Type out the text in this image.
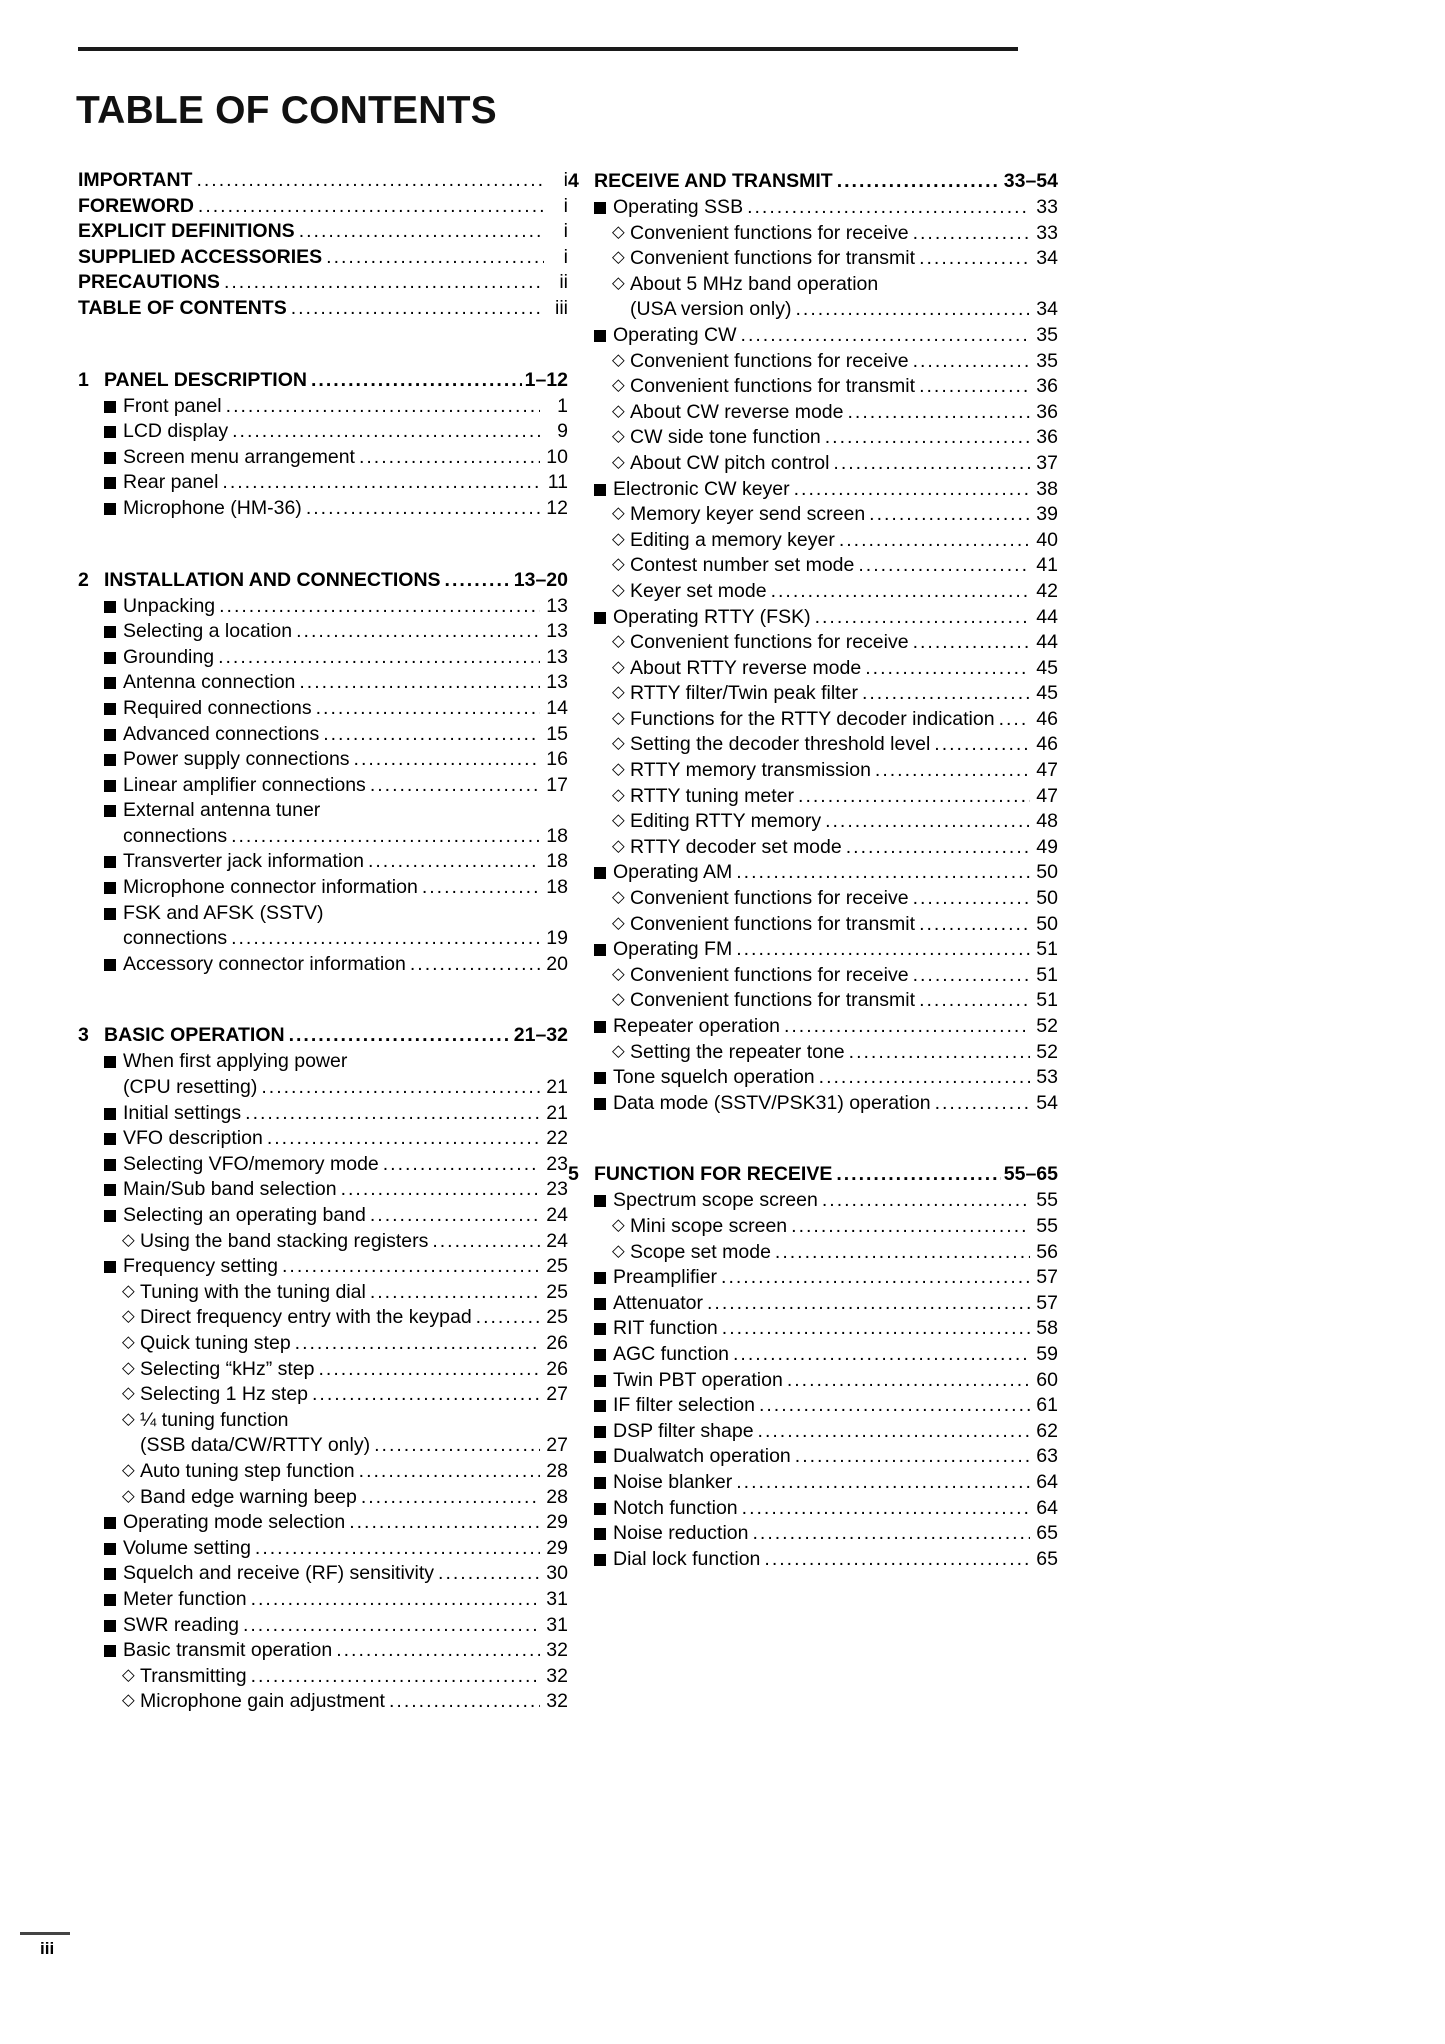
TABLE OF CONTENTS
IMPORTANT .....	i
FOREWORD .....	i
EXPLICIT DEFINITIONS .....	i
SUPPLIED ACCESSORIES .....	i
PRECAUTIONS .....	ii
TABLE OF CONTENTS .....	iii
1 PANEL DESCRIPTION .....	1–12
Front panel .....	1
LCD display .....	9
Screen menu arrangement .....	10
Rear panel .....	11
Microphone (HM-36) .....	12
2 INSTALLATION AND CONNECTIONS .....	13–20
Unpacking .....	13
Selecting a location .....	13
Grounding .....	13
Antenna connection .....	13
Required connections .....	14
Advanced connections .....	15
Power supply connections .....	16
Linear amplifier connections .....	17
External antenna tuner
connections .....	18
Transverter jack information .....	18
Microphone connector information .....	18
FSK and AFSK (SSTV)
connections .....	19
Accessory connector information .....	20
3 BASIC OPERATION .....	21–32
When first applying power
(CPU resetting) .....	21
Initial settings .....	21
VFO description .....	22
Selecting VFO/memory mode .....	23
Main/Sub band selection .....	23
Selecting an operating band .....	24
Using the band stacking registers .....	24
Frequency setting .....	25
Tuning with the tuning dial .....	25
Direct frequency entry with the keypad .....	25
Quick tuning step .....	26
Selecting “kHz” step .....	26
Selecting 1 Hz step .....	27
¼ tuning function
(SSB data/CW/RTTY only) .....	27
Auto tuning step function .....	28
Band edge warning beep .....	28
Operating mode selection .....	29
Volume setting .....	29
Squelch and receive (RF) sensitivity .....	30
Meter function .....	31
SWR reading .....	31
Basic transmit operation .....	32
Transmitting .....	32
Microphone gain adjustment .....	32
4 RECEIVE AND TRANSMIT .....	33–54
Operating SSB .....	33
Convenient functions for receive .....	33
Convenient functions for transmit .....	34
About 5 MHz band operation
(USA version only) .....	34
Operating CW .....	35
Convenient functions for receive .....	35
Convenient functions for transmit .....	36
About CW reverse mode .....	36
CW side tone function .....	36
About CW pitch control .....	37
Electronic CW keyer .....	38
Memory keyer send screen .....	39
Editing a memory keyer .....	40
Contest number set mode .....	41
Keyer set mode .....	42
Operating RTTY (FSK) .....	44
Convenient functions for receive .....	44
About RTTY reverse mode .....	45
RTTY filter/Twin peak filter .....	45
Functions for the RTTY decoder indication ..... 46
Setting the decoder threshold level .....	46
RTTY memory transmission .....	47
RTTY tuning meter .....	47
Editing RTTY memory .....	48
RTTY decoder set mode .....	49
Operating AM .....	50
Convenient functions for receive .....	50
Convenient functions for transmit .....	50
Operating FM .....	51
Convenient functions for receive .....	51
Convenient functions for transmit .....	51
Repeater operation .....	52
Setting the repeater tone .....	52
Tone squelch operation .....	53
Data mode (SSTV/PSK31) operation .....	54
5 FUNCTION FOR RECEIVE .....	55–65
Spectrum scope screen .....	55
Mini scope screen .....	55
Scope set mode .....	56
Preamplifier .....	57
Attenuator .....	57
RIT function .....	58
AGC function .....	59
Twin PBT operation .....	60
IF filter selection .....	61
DSP filter shape .....	62
Dualwatch operation .....	63
Noise blanker .....	64
Notch function .....	64
Noise reduction .....	65
Dial lock function .....	65
iii
